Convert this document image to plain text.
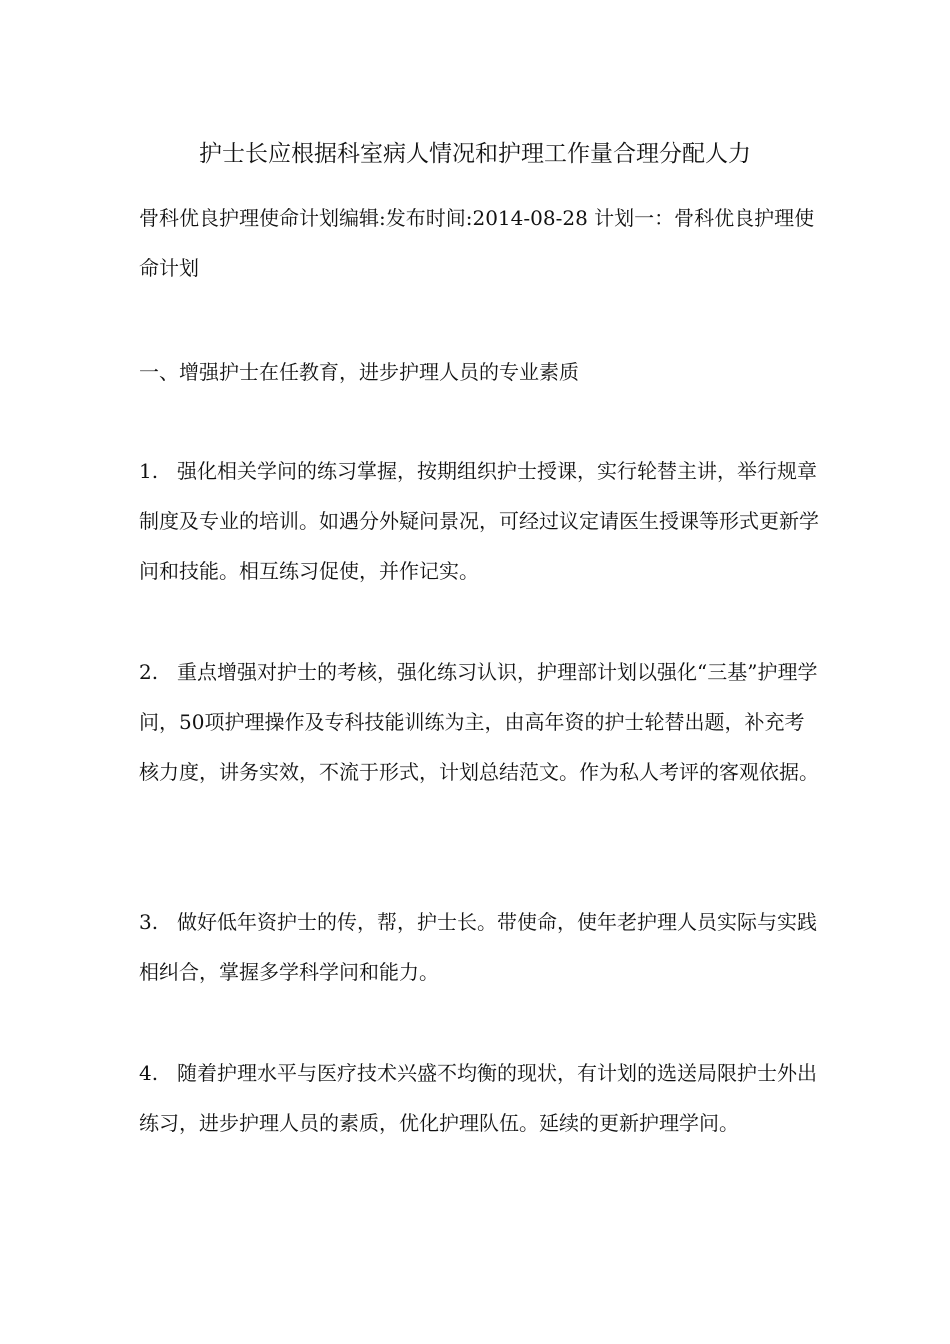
护士长应根据科室病人情况和护理工作量合理分配人力

骨科优良护理使命计划编辑:发布时间:2014-08-28 计划一：骨科优良护理使命计划

一、增强护士在任教育，进步护理人员的专业素质

1. 强化相关学问的练习掌握，按期组织护士授课，实行轮替主讲，举行规章制度及专业的培训。如遇分外疑问景况，可经过议定请医生授课等形式更新学问和技能。相互练习促使，并作记实。

2. 重点增强对护士的考核，强化练习认识，护理部计划以强化“三基”护理学问，50项护理操作及专科技能训练为主，由高年资的护士轮替出题，补充考核力度，讲务实效，不流于形式，计划总结范文。作为私人考评的客观依据。

3. 做好低年资护士的传，帮，护士长。带使命，使年老护理人员实际与实践相纠合，掌握多学科学问和能力。

4. 随着护理水平与医疗技术兴盛不均衡的现状，有计划的选送局限护士外出练习，进步护理人员的素质，优化护理队伍。延续的更新护理学问。
